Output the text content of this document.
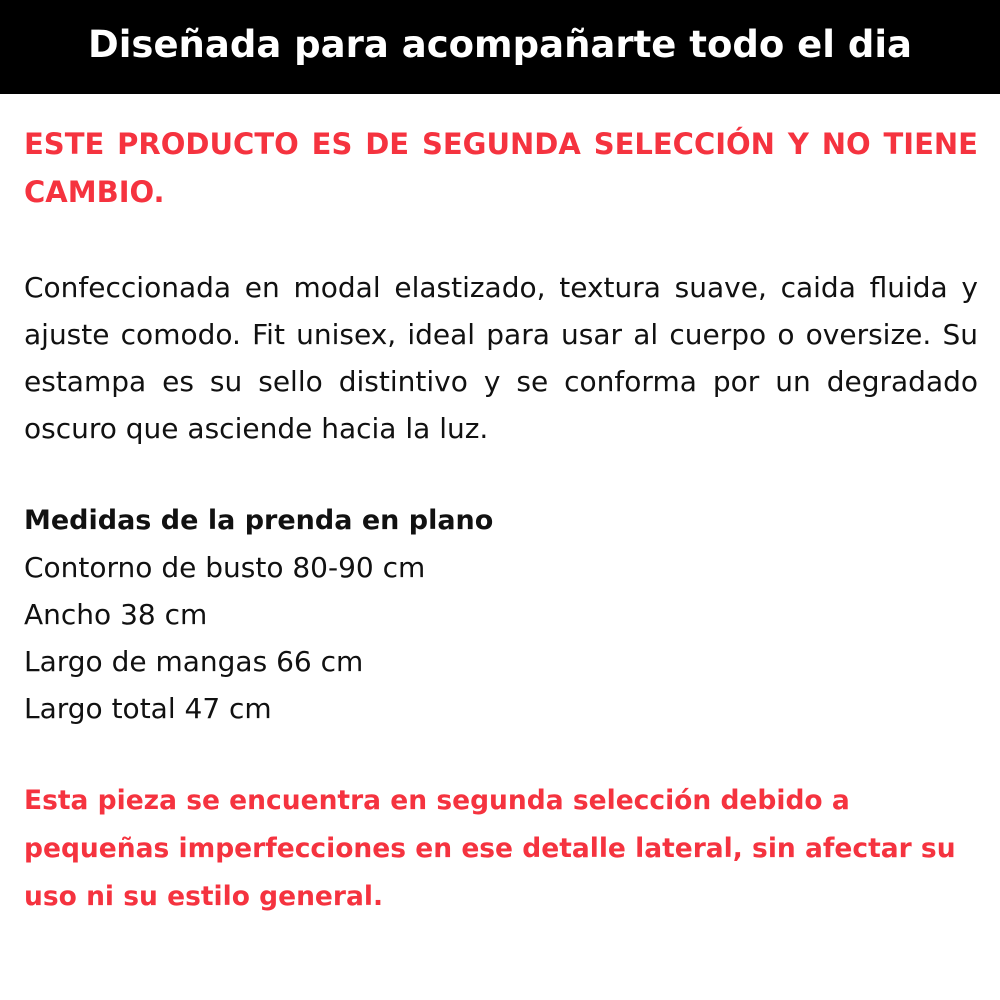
Diseñada para acompañarte todo el dia

ESTE PRODUCTO ES DE SEGUNDA SELECCIÓN Y NO TIENE CAMBIO.

Confeccionada en modal elastizado, textura suave, caida fluida y ajuste comodo. Fit unisex, ideal para usar al cuerpo o oversize. Su estampa es su sello distintivo y se conforma por un degradado oscuro que asciende hacia la luz.

Medidas de la prenda en plano
Contorno de busto 80-90 cm
Ancho 38 cm
Largo de mangas 66 cm
Largo total 47 cm

Esta pieza se encuentra en segunda selección debido a pequeñas imperfecciones en ese detalle lateral, sin afectar su uso ni su estilo general.
